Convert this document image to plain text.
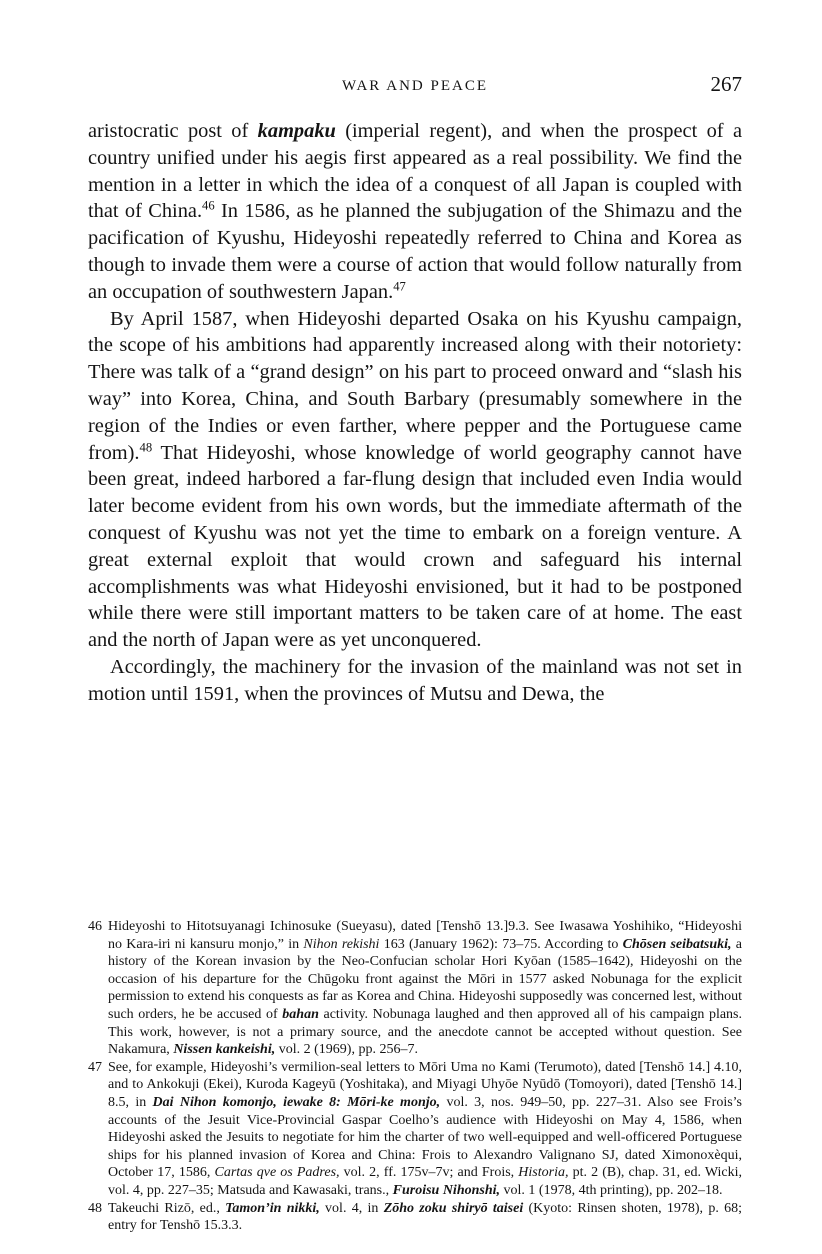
WAR AND PEACE	267

aristocratic post of kampaku (imperial regent), and when the prospect of a country unified under his aegis first appeared as a real possibility. We find the mention in a letter in which the idea of a conquest of all Japan is coupled with that of China.$^{46}$ In 1586, as he planned the subjugation of the Shimazu and the pacification of Kyushu, Hideyoshi repeatedly referred to China and Korea as though to invade them were a course of action that would follow naturally from an occupation of southwestern Japan.$^{47}$

By April 1587, when Hideyoshi departed Osaka on his Kyushu campaign, the scope of his ambitions had apparently increased along with their notoriety: There was talk of a “grand design” on his part to proceed onward and “slash his way” into Korea, China, and South Barbary (presumably somewhere in the region of the Indies or even farther, where pepper and the Portuguese came from).$^{48}$ That Hideyoshi, whose knowledge of world geography cannot have been great, indeed harbored a far-flung design that included even India would later become evident from his own words, but the immediate aftermath of the conquest of Kyushu was not yet the time to embark on a foreign venture. A great external exploit that would crown and safeguard his internal accomplishments was what Hideyoshi envisioned, but it had to be postponed while there were still important matters to be taken care of at home. The east and the north of Japan were as yet unconquered.

Accordingly, the machinery for the invasion of the mainland was not set in motion until 1591, when the provinces of Mutsu and Dewa, the

46 Hideyoshi to Hitotsuyanagi Ichinosuke (Sueyasu), dated [Tenshō 13.]9.3. See Iwasawa Yoshihiko, “Hideyoshi no Kara-iri ni kansuru monjo,” in Nihon rekishi 163 (January 1962): 73–75. According to Chōsen seibatsuki, a history of the Korean invasion by the Neo-Confucian scholar Hori Kyōan (1585–1642), Hideyoshi on the occasion of his departure for the Chūgoku front against the Mōri in 1577 asked Nobunaga for the explicit permission to extend his conquests as far as Korea and China. Hideyoshi supposedly was concerned lest, without such orders, he be accused of bahan activity. Nobunaga laughed and then approved all of his campaign plans. This work, however, is not a primary source, and the anecdote cannot be accepted without question. See Nakamura, Nissen kankeishi, vol. 2 (1969), pp. 256–7.

47 See, for example, Hideyoshi’s vermilion-seal letters to Mōri Uma no Kami (Terumoto), dated [Tenshō 14.] 4.10, and to Ankokuji (Ekei), Kuroda Kageyū (Yoshitaka), and Miyagi Uhyōe Nyūdō (Tomoyori), dated [Tenshō 14.] 8.5, in Dai Nihon komonjo, iewake 8: Mōri-ke monjo, vol. 3, nos. 949–50, pp. 227–31. Also see Frois’s accounts of the Jesuit Vice-Provincial Gaspar Coelho’s audience with Hideyoshi on May 4, 1586, when Hideyoshi asked the Jesuits to negotiate for him the charter of two well-equipped and well-officered Portuguese ships for his planned invasion of Korea and China: Frois to Alexandro Valignano SJ, dated Ximonoxèqui, October 17, 1586, Cartas qve os Padres, vol. 2, ff. 175v–7v; and Frois, Historia, pt. 2 (B), chap. 31, ed. Wicki, vol. 4, pp. 227–35; Matsuda and Kawasaki, trans., Furoisu Nihonshi, vol. 1 (1978, 4th printing), pp. 202–18.

48 Takeuchi Rizō, ed., Tamon’in nikki, vol. 4, in Zōho zoku shiryō taisei (Kyoto: Rinsen shoten, 1978), p. 68; entry for Tenshō 15.3.3.
